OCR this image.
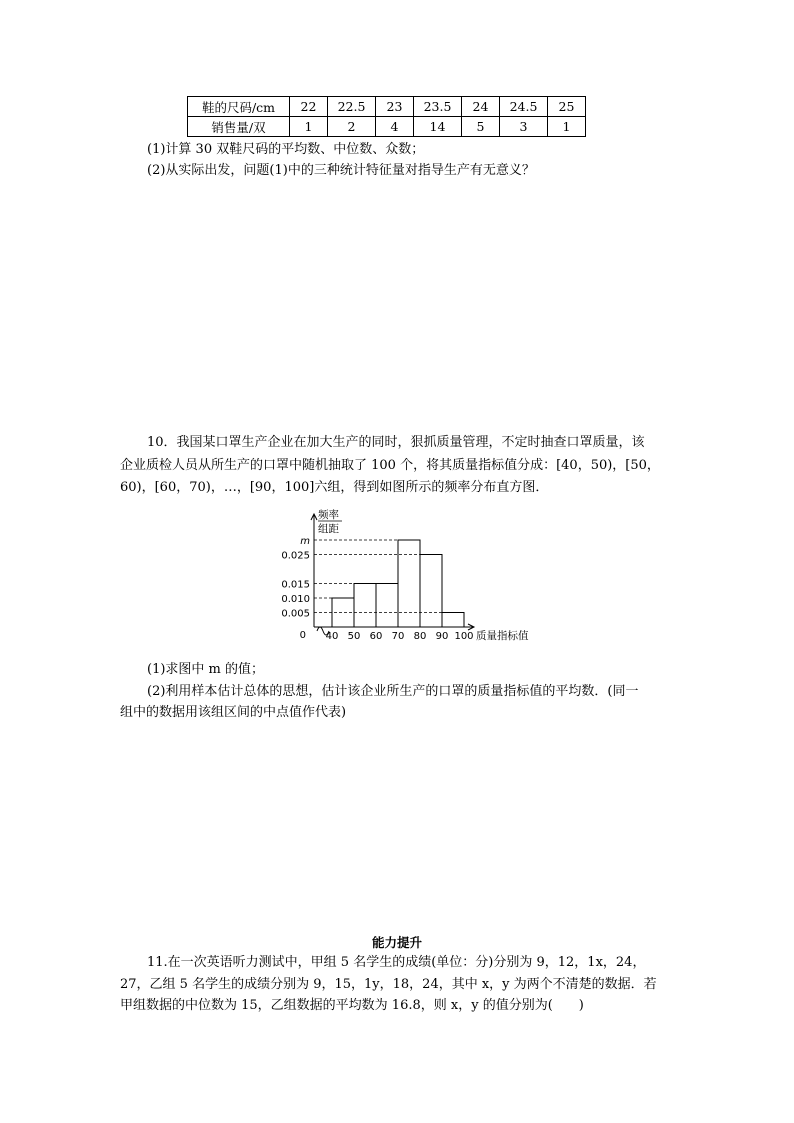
鞋的尺码/cm	22	22.5	23	23.5	24	24.5	25
销售量/双	1	2	4	14	5	3	1
(1)计算 30 双鞋尺码的平均数、中位数、众数；
(2)从实际出发，问题(1)中的三种统计特征量对指导生产有无意义？
10．我国某口罩生产企业在加大生产的同时，狠抓质量管理，不定时抽查口罩质量，该
企业质检人员从所生产的口罩中随机抽取了 100 个，将其质量指标值分成：[40，50)，[50，
60)，[60，70)，…，[90，100]六组，得到如图所示的频率分布直方图．
0.005
0.010
0.015
0.025
m
0 40 50 60 70 80 90 100 质量指标值
频率
组距
(1)求图中 m 的值；
(2)利用样本估计总体的思想，估计该企业所生产的口罩的质量指标值的平均数．(同一
组中的数据用该组区间的中点值作代表)
能力提升
11.在一次英语听力测试中，甲组 5 名学生的成绩(单位：分)分别为 9，12，1x，24，
27，乙组 5 名学生的成绩分别为 9，15，1y，18，24，其中 x，y 为两个不清楚的数据．若
甲组数据的中位数为 15，乙组数据的平均数为 16.8，则 x，y 的值分别为(　　)
